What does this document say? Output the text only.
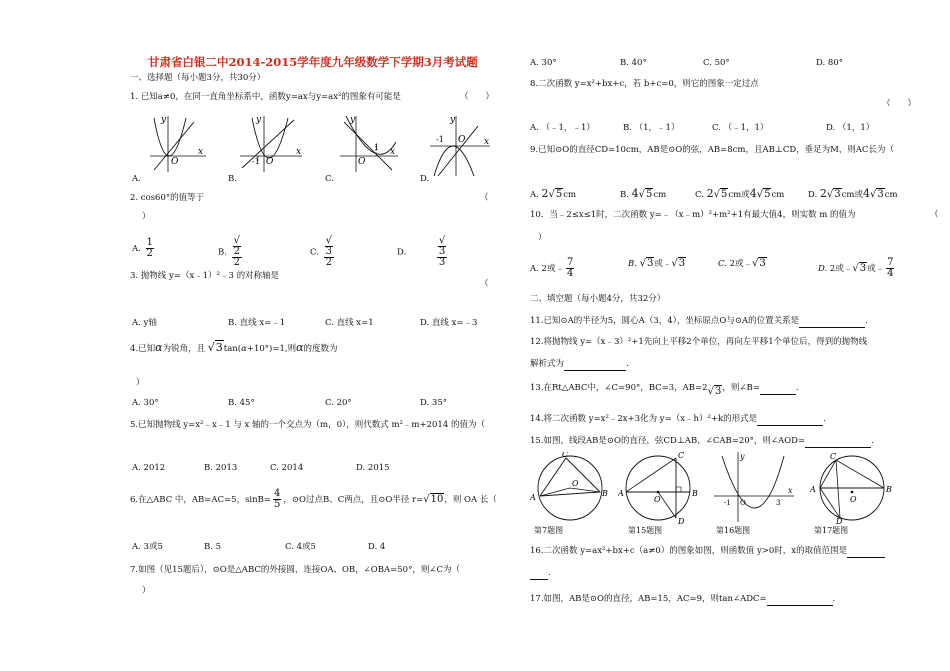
甘肃省白银二中2014-2015学年度九年级数学下学期3月考试题
一、选择题（每小题3分，共30分）
1. 已知a≠0，在同一直角坐标系中，函数y=ax与y=ax²的图象有可能是	（　　）
y
x
O
y
x
-1 O
y
x
1
O
y
x
-1 O
A.	B.	C.	D.
2. cos60°的值等于	（
）
A. $\frac{1}{2}$	B. √
2
2	C. √
3
2	D.	√
3
3
3. 抛物线 y=（x﹣1）²﹣3 的对称轴是
（
A. y轴	B. 直线 x=﹣1	C. 直线 x=1	D. 直线 x=﹣3
4.已知α为锐角，且 √3tan(α+10°)=1,则α的度数为
）
A. 30°	B. 45°	C. 20°	D. 35°
5.已知抛物线 y=x²﹣x﹣1 与 x 轴的一个交点为（m，0），则代数式 m²﹣m+2014 的值为（
A. 2012	B. 2013	C. 2014	D. 2015
6.在△ABC 中，AB=AC=5，$\sin B= \frac{4}{5}$ ，⊙O过点B、C两点，且⊙O半径 r=√10，则 OA 长（
A. 3或5	B. 5	C. 4或5	D. 4
7.如图（见15题后），⊙O是△ABC的外接圆，连接OA、OB，∠OBA=50°，则∠C为（
）
A. 30°	B. 40°	C. 50°	D. 80°
8.二次函数 y=x²+bx+c，若 b+c=0，则它的图象一定过点
（　　）
A. （﹣1，﹣1）	B. （1，﹣1）	C. （﹣1，1）	D. （1，1）
9.已知⊙O的直径CD=10cm，AB是⊙O的弦，AB=8cm，且AB⊥CD，垂足为M，则AC长为（
A. 2√5cm	B. 4√5cm	C. 2√5cm或4√5cm	D. 2√3cm或4√3cm
10．当﹣2≤x≤1时，二次函数 y=﹣（x﹣m）²+m²+1有最大值4，则实数 m 的值为	（
）
A. 2或﹣ $\frac{7}{4}$	B. √3或﹣√3	C. 2或﹣√3	D. 2或﹣√3或﹣ $\frac{7}{4}$
二、填空题（每小题4分，共32分）
11.已知⊙A的半径为5，圆心A（3，4），坐标原点O与⊙A的位置关系是	.
12.将抛物线 y=（x﹣3）²+1先向上平移2个单位，再向左平移1个单位后，得到的抛物线
解析式为	.
13.在Rt△ABC中，∠C=90°，BC=3，AB=2√3，则∠B=	.
14.将二次函数 y=x²﹣2x+3化为 y=（x﹣h）²+k的形式是	.
15.如图，线段AB是⊙O的直径，弦CD⊥AB，∠CAB=20°，则∠AOD=	.
C
A	B
O
第7题图
C
A	B
D
O
第15题图
y
x
-1 O	3
第16题图
C
A	B
D
O
第17题图
16.二次函数 y=ax²+bx+c（a≠0）的图象如图，则函数值 y>0时，x的取值范围是
.
17.如图，AB是⊙O的直径，AB=15，AC=9，则tan∠ADC=	.
